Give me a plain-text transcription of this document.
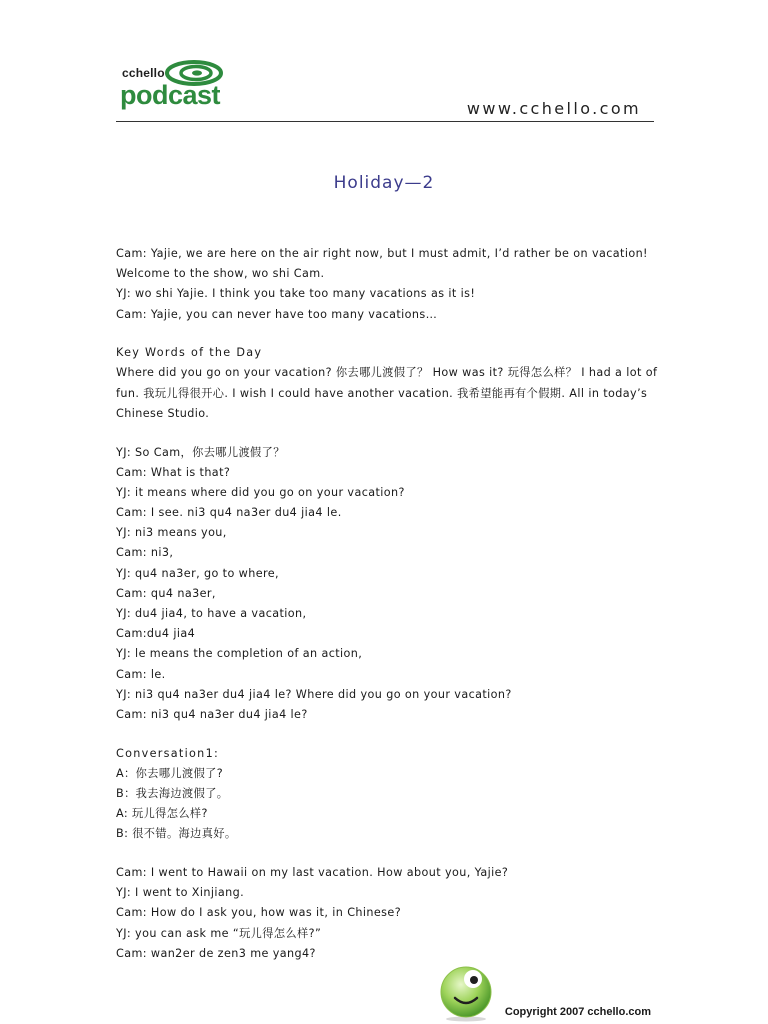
cchello
podcast	www.cchello.com
Holiday—2
Cam: Yajie, we are here on the air right now, but I must admit, I’d rather be on vacation!
Welcome to the show, wo shi Cam.
YJ: wo shi Yajie. I think you take too many vacations as it is!
Cam: Yajie, you can never have too many vacations…
Key Words of the Day
Where did you go on your vacation? 你去哪儿渡假了？ How was it? 玩得怎么样？ I had a lot of
fun. 我玩儿得很开心. I wish I could have another vacation. 我希望能再有个假期. All in today’s
Chinese Studio.
YJ: So Cam，你去哪儿渡假了？
Cam: What is that?
YJ: it means where did you go on your vacation?
Cam: I see. ni3 qu4 na3er du4 jia4 le.
YJ: ni3 means you,
Cam: ni3,
YJ: qu4 na3er, go to where,
Cam: qu4 na3er,
YJ: du4 jia4, to have a vacation,
Cam:du4 jia4
YJ: le means the completion of an action,
Cam: le.
YJ: ni3 qu4 na3er du4 jia4 le? Where did you go on your vacation?
Cam: ni3 qu4 na3er du4 jia4 le?
Conversation1:
A：你去哪儿渡假了?
B：我去海边渡假了。
A: 玩儿得怎么样?
B: 很不错。海边真好。
Cam: I went to Hawaii on my last vacation. How about you, Yajie?
YJ: I went to Xinjiang.
Cam: How do I ask you, how was it, in Chinese?
YJ: you can ask me “玩儿得怎么样?”
Cam: wan2er de zen3 me yang4?
Copyright 2007 cchello.com
